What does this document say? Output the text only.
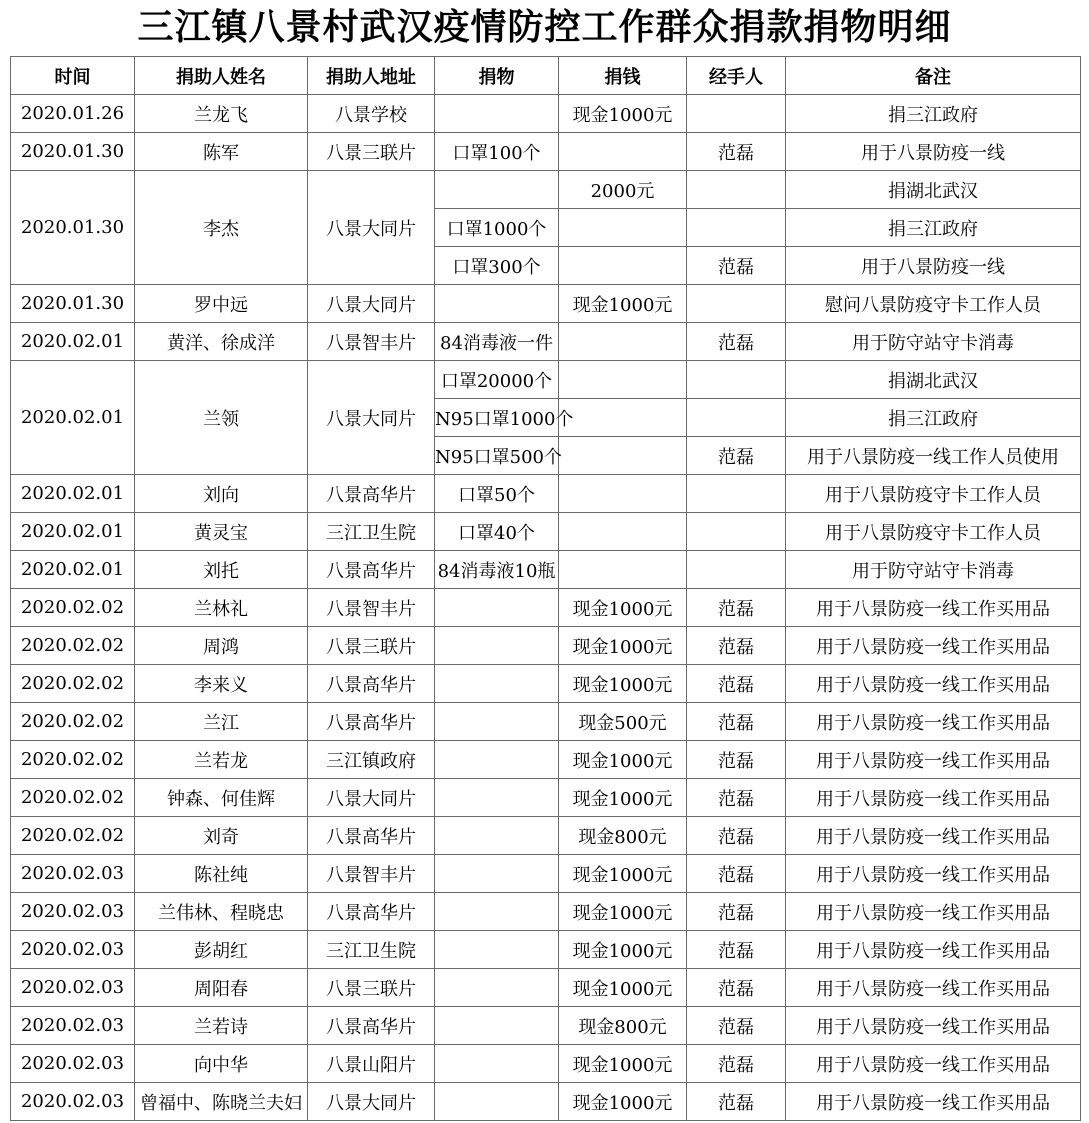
三江镇八景村武汉疫情防控工作群众捐款捐物明细
时间	捐助人姓名	捐助人地址	捐物	捐钱	经手人	备注
2020.01.26	兰龙飞	八景学校		现金1000元		捐三江政府
2020.01.30	陈军	八景三联片	口罩100个		范磊	用于八景防疫一线
2020.01.30	李杰	八景大同片		2000元		捐湖北武汉
			口罩1000个			捐三江政府
			口罩300个		范磊	用于八景防疫一线
2020.01.30	罗中远	八景大同片		现金1000元		慰问八景防疫守卡工作人员
2020.02.01	黄洋、徐成洋	八景智丰片	84消毒液一件		范磊	用于防守站守卡消毒
2020.02.01	兰领	八景大同片	口罩20000个			捐湖北武汉
			N95口罩1000个			捐三江政府
			N95口罩500个		范磊	用于八景防疫一线工作人员使用
2020.02.01	刘向	八景高华片	口罩50个			用于八景防疫守卡工作人员
2020.02.01	黄灵宝	三江卫生院	口罩40个			用于八景防疫守卡工作人员
2020.02.01	刘托	八景高华片	84消毒液10瓶			用于防守站守卡消毒
2020.02.02	兰林礼	八景智丰片		现金1000元	范磊	用于八景防疫一线工作买用品
2020.02.02	周鸿	八景三联片		现金1000元	范磊	用于八景防疫一线工作买用品
2020.02.02	李来义	八景高华片		现金1000元	范磊	用于八景防疫一线工作买用品
2020.02.02	兰江	八景高华片		现金500元	范磊	用于八景防疫一线工作买用品
2020.02.02	兰若龙	三江镇政府		现金1000元	范磊	用于八景防疫一线工作买用品
2020.02.02	钟森、何佳辉	八景大同片		现金1000元	范磊	用于八景防疫一线工作买用品
2020.02.02	刘奇	八景高华片		现金800元	范磊	用于八景防疫一线工作买用品
2020.02.03	陈社纯	八景智丰片		现金1000元	范磊	用于八景防疫一线工作买用品
2020.02.03	兰伟林、程晓忠	八景高华片		现金1000元	范磊	用于八景防疫一线工作买用品
2020.02.03	彭胡红	三江卫生院		现金1000元	范磊	用于八景防疫一线工作买用品
2020.02.03	周阳春	八景三联片		现金1000元	范磊	用于八景防疫一线工作买用品
2020.02.03	兰若诗	八景高华片		现金800元	范磊	用于八景防疫一线工作买用品
2020.02.03	向中华	八景山阳片		现金1000元	范磊	用于八景防疫一线工作买用品
2020.02.03	曾福中、陈晓兰夫妇	八景大同片		现金1000元	范磊	用于八景防疫一线工作买用品
